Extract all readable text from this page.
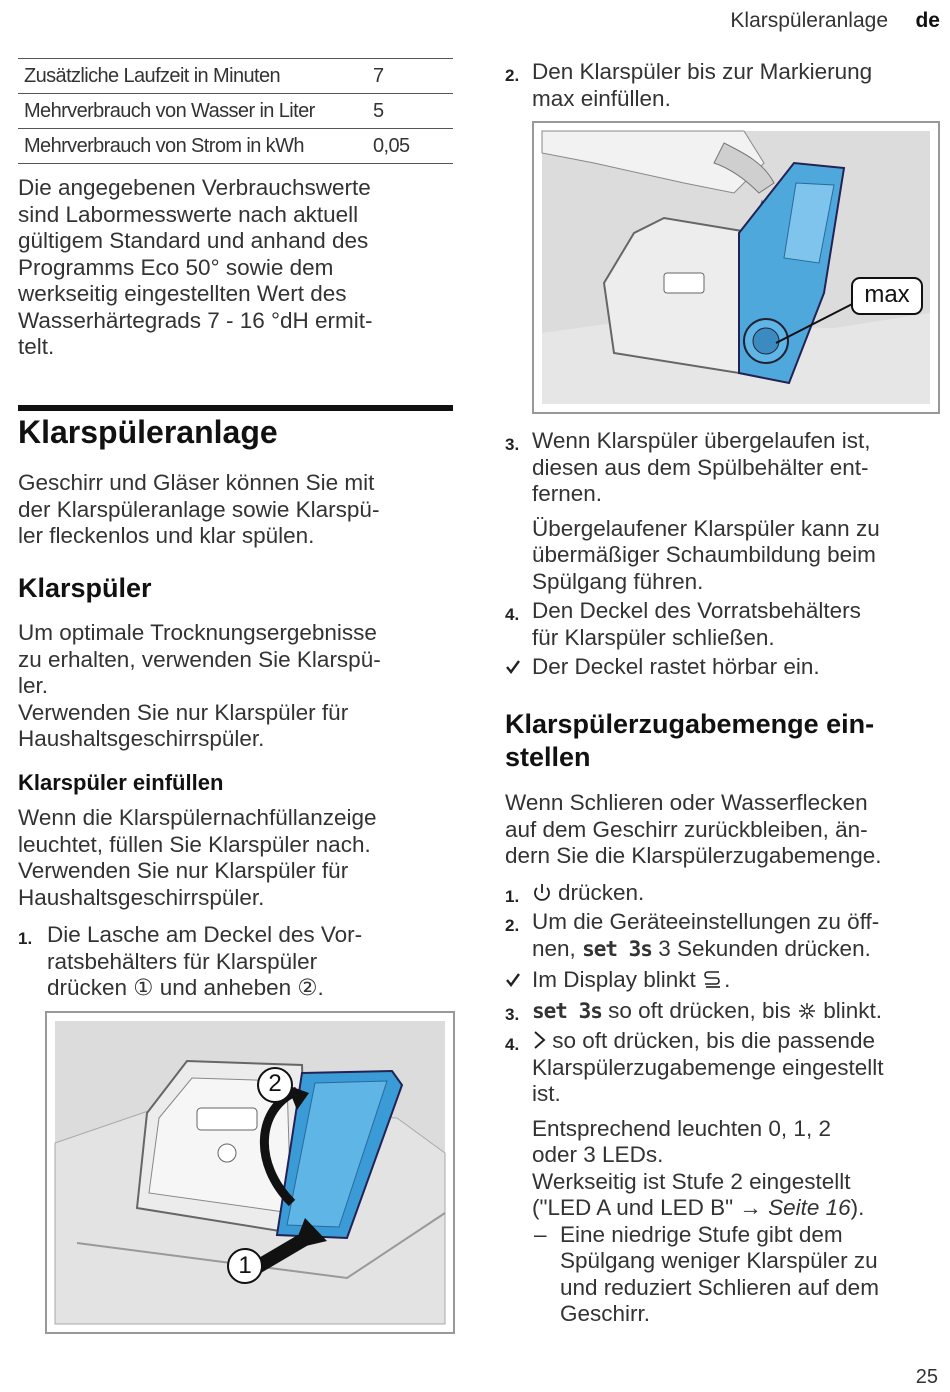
Klarspüleranlage de
Zusätzliche Laufzeit in Minuten	7
Mehrverbrauch von Wasser in Liter	5
Mehrverbrauch von Strom in kWh	0,05

Die angegebenen Verbrauchswerte

sind Labormesswerte nach aktuell

gültigem Standard und anhand des

Programms Eco 50° sowie dem

werkseitig eingestellten Wert des

Wasserhärtegrads 7 - 16 °dH ermit-

telt.

Klarspüleranlage

Geschirr und Gläser können Sie mit

der Klarspüleranlage sowie Klarspü-

ler fleckenlos und klar spülen.

Klarspüler

Um optimale Trocknungsergebnisse

zu erhalten, verwenden Sie Klarspü-

ler.

Verwenden Sie nur Klarspüler für

Haushaltsgeschirrspüler.

Klarspüler einfüllen

Wenn die Klarspülernachfüllanzeige

leuchtet, füllen Sie Klarspüler nach.

Verwenden Sie nur Klarspüler für

Haushaltsgeschirrspüler.

1. Die Lasche am Deckel des Vor-
ratsbehälters für Klarspüler
drücken ① und anheben ②.
1
2
2. Den Klarspüler bis zur Markierung
max einfüllen.
max
3. Wenn Klarspüler übergelaufen ist,
diesen aus dem Spülbehälter ent-
fernen.
Übergelaufener Klarspüler kann zu
übermäßiger Schaumbildung beim
Spülgang führen.
4. Den Deckel des Vorratsbehälters
für Klarspüler schließen.
Der Deckel rastet hörbar ein.
Klarspülerzugabemenge ein-
stellen

Wenn Schlieren oder Wasserflecken

auf dem Geschirr zurückbleiben, än-

dern Sie die Klarspülerzugabemenge.

1. drücken.
2. Um die Geräteeinstellungen zu öff-
nen, set 3s 3 Sekunden drücken.
Im Display blinkt .
3. set 3s so oft drücken, bis blinkt.
4.	so oft drücken, bis die passende
Klarspülerzugabemenge eingestellt
ist.
Entsprechend leuchten 0, 1, 2
oder 3 LEDs.
Werkseitig ist Stufe 2 eingestellt
("LED A und LED B" → Seite 16).
– Eine niedrige Stufe gibt dem
Spülgang weniger Klarspüler zu
und reduziert Schlieren auf dem
Geschirr.
25
